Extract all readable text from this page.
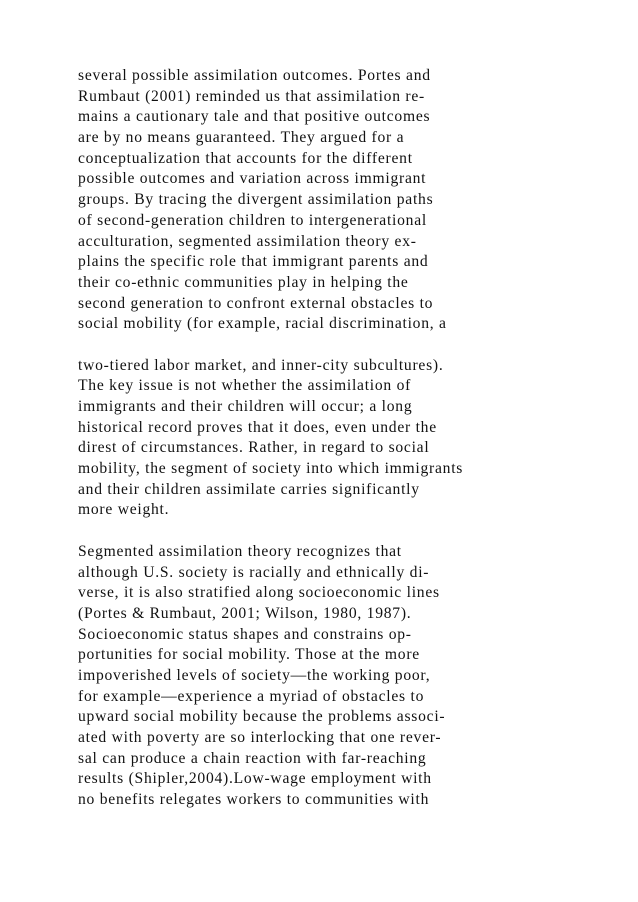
several possible assimilation outcomes. Portes and
Rumbaut (2001) reminded us that assimilation re-
mains a cautionary tale and that positive outcomes
are by no means guaranteed. They argued for a
conceptualization that accounts for the different
possible outcomes and variation across immigrant
groups. By tracing the divergent assimilation paths
of second-generation children to intergenerational
acculturation, segmented assimilation theory ex-
plains the specific role that immigrant parents and
their co-ethnic communities play in helping the
second generation to confront external obstacles to
social mobility (for example, racial discrimination, a

two-tiered labor market, and inner-city subcultures).
The key issue is not whether the assimilation of
immigrants and their children will occur; a long
historical record proves that it does, even under the
direst of circumstances. Rather, in regard to social
mobility, the segment of society into which immigrants
and their children assimilate carries significantly
more weight.

Segmented assimilation theory recognizes that
although U.S. society is racially and ethnically di-
verse, it is also stratified along socioeconomic lines
(Portes & Rumbaut, 2001; Wilson, 1980, 1987).
Socioeconomic status shapes and constrains op-
portunities for social mobility. Those at the more
impoverished levels of society—the working poor,
for example—experience a myriad of obstacles to
upward social mobility because the problems associ-
ated with poverty are so interlocking that one rever-
sal can produce a chain reaction with far-reaching
results (Shipler,2004).Low-wage employment with
no benefits relegates workers to communities with
